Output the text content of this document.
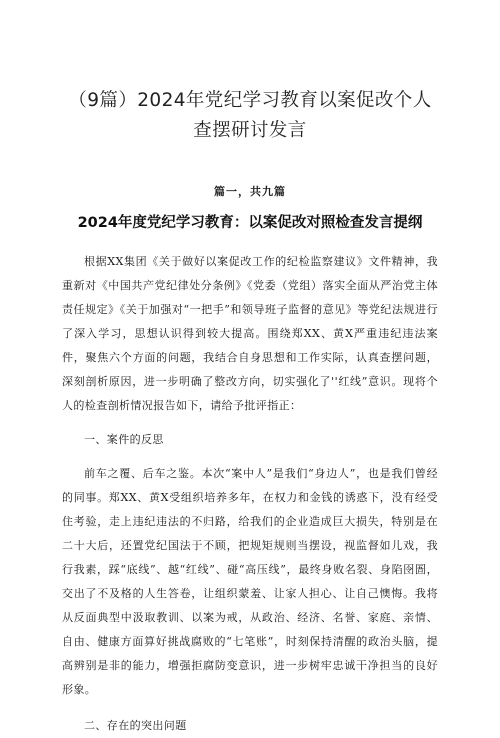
（9篇）2024年党纪学习教育以案促改个人查摆研讨发言
篇一，共九篇
2024年度党纪学习教育：以案促改对照检查发言提纲

根据XX集团《关于做好以案促改工作的纪检监察建议》文件精神，我重新对《中国共产党纪律处分条例》《党委（党组）落实全面从严治党主体责任规定》《关于加强对“一把手”和领导班子监督的意见》等党纪法规进行了深入学习，思想认识得到较大提高。围绕郑XX、黄X严重违纪违法案件，聚焦六个方面的问题，我结合自身思想和工作实际，认真查摆问题，深刻剖析原因，进一步明确了整改方向，切实强化了''红线”意识。现将个人的检查剖析情况报告如下，请给予批评指正：

一、案件的反思

前车之覆、后车之鉴。本次“案中人”是我们“身边人”，也是我们曾经的同事。郑XX、黄X受组织培养多年，在权力和金钱的诱惑下，没有经受住考验，走上违纪违法的不归路，给我们的企业造成巨大损失，特别是在二十大后，还置党纪国法于不顾，把规矩规则当摆设，视监督如儿戏，我行我素，踩“底线”、越“红线”、碰“高压线”，最终身败名裂、身陷囹圄，交出了不及格的人生答卷，让组织蒙羞、让家人担心、让自己懊悔。我将从反面典型中汲取教训、以案为戒，从政治、经济、名誉、家庭、亲情、自由、健康方面算好挑战腐败的“七笔账”，时刻保持清醒的政治头脑，提高辨别是非的能力，增强拒腐防变意识，进一步树牢忠诚干净担当的良好形象。

二、存在的突出问题
